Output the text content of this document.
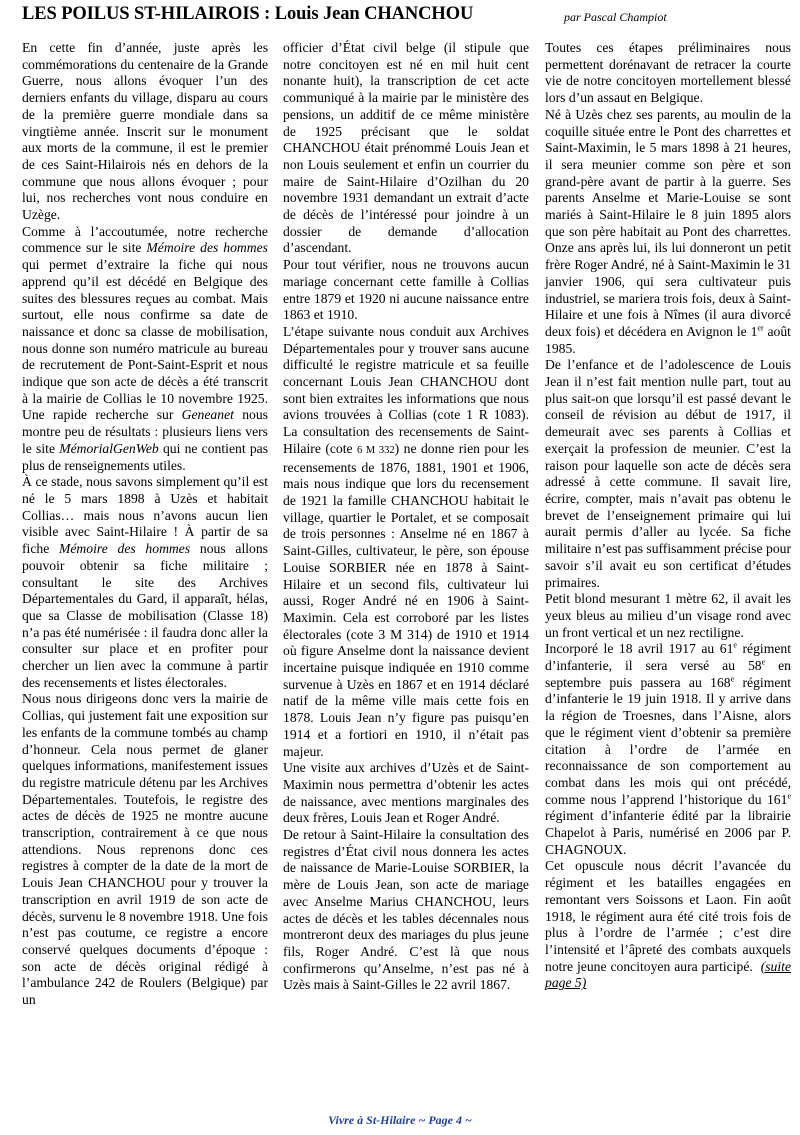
LES POILUS ST-HILAIROIS : Louis Jean CHANCHOU	par Pascal Champiot

En cette fin d’année, juste après les commémorations du centenaire de la Grande Guerre, nous allons évoquer l’un des derniers enfants du village, disparu au cours de la première guerre mondiale dans sa vingtième année. Inscrit sur le monument aux morts de la commune, il est le premier de ces Saint-Hilairois nés en dehors de la commune que nous allons évoquer ; pour lui, nos recherches vont nous conduire en Uzège.

Comme à l’accoutumée, notre recherche commence sur le site Mémoire des hommes qui permet d’extraire la fiche qui nous apprend qu’il est décédé en Belgique des suites des blessures reçues au combat. Mais surtout, elle nous confirme sa date de naissance et donc sa classe de mobilisation, nous donne son numéro matricule au bureau de recrutement de Pont-Saint-Esprit et nous indique que son acte de décès a été transcrit à la mairie de Collias le 10 novembre 1925. Une rapide recherche sur Geneanet nous montre peu de résultats : plusieurs liens vers le site MémorialGenWeb qui ne contient pas plus de renseignements utiles.

À ce stade, nous savons simplement qu’il est né le 5 mars 1898 à Uzès et habitait Collias… mais nous n’avons aucun lien visible avec Saint-Hilaire ! À partir de sa fiche Mémoire des hommes nous allons pouvoir obtenir sa fiche militaire ; consultant le site des Archives Départementales du Gard, il apparaît, hélas, que sa Classe de mobilisation (Classe 18) n’a pas été numérisée : il faudra donc aller la consulter sur place et en profiter pour chercher un lien avec la commune à partir des recensements et listes électorales.

Nous nous dirigeons donc vers la mairie de Collias, qui justement fait une exposition sur les enfants de la commune tombés au champ d’honneur. Cela nous permet de glaner quelques informations, manifestement issues du registre matricule détenu par les Archives Départementales. Toutefois, le registre des actes de décès de 1925 ne montre aucune transcription, contrairement à ce que nous attendions. Nous reprenons donc ces registres à compter de la date de la mort de Louis Jean CHANCHOU pour y trouver la transcription en avril 1919 de son acte de décès, survenu le 8 novembre 1918. Une fois n’est pas coutume, ce registre a encore conservé quelques documents d’époque : son acte de décès original rédigé à l’ambulance 242 de Roulers (Belgique) par un

officier d’État civil belge (il stipule que notre concitoyen est né en mil huit cent nonante huit), la transcription de cet acte communiqué à la mairie par le ministère des pensions, un additif de ce même ministère de 1925 précisant que le soldat CHANCHOU était prénommé Louis Jean et non Louis seulement et enfin un courrier du maire de Saint-Hilaire d’Ozilhan du 20 novembre 1931 demandant un extrait d’acte de décès de l’intéressé pour joindre à un dossier de demande d’allocation d’ascendant.

Pour tout vérifier, nous ne trouvons aucun mariage concernant cette famille à Collias entre 1879 et 1920 ni aucune naissance entre 1863 et 1910.

L’étape suivante nous conduit aux Archives Départementales pour y trouver sans aucune difficulté le registre matricule et sa feuille concernant Louis Jean CHANCHOU dont sont bien extraites les informations que nous avions trouvées à Collias (cote 1 R 1083). La consultation des recensements de Saint-Hilaire (cote 6 M 332) ne donne rien pour les recensements de 1876, 1881, 1901 et 1906, mais nous indique que lors du recensement de 1921 la famille CHANCHOU habitait le village, quartier le Portalet, et se composait de trois personnes : Anselme né en 1867 à Saint-Gilles, cultivateur, le père, son épouse Louise SORBIER née en 1878 à Saint-Hilaire et un second fils, cultivateur lui aussi, Roger André né en 1906 à Saint-Maximin. Cela est corroboré par les listes électorales (cote 3 M 314) de 1910 et 1914 où figure Anselme dont la naissance devient incertaine puisque indiquée en 1910 comme survenue à Uzès en 1867 et en 1914 déclaré natif de la même ville mais cette fois en 1878. Louis Jean n’y figure pas puisqu’en 1914 et a fortiori en 1910, il n’était pas majeur.

Une visite aux archives d’Uzès et de Saint-Maximin nous permettra d’obtenir les actes de naissance, avec mentions marginales des deux frères, Louis Jean et Roger André.

De retour à Saint-Hilaire la consultation des registres d’État civil nous donnera les actes de naissance de Marie-Louise SORBIER, la mère de Louis Jean, son acte de mariage avec Anselme Marius CHANCHOU, leurs actes de décès et les tables décennales nous montreront deux des mariages du plus jeune fils, Roger André. C’est là que nous confirmerons qu’Anselme, n’est pas né à Uzès mais à Saint-Gilles le 22 avril 1867.

Toutes ces étapes préliminaires nous permettent dorénavant de retracer la courte vie de notre concitoyen mortellement blessé lors d’un assaut en Belgique.

Né à Uzès chez ses parents, au moulin de la coquille située entre le Pont des charrettes et Saint-Maximin, le 5 mars 1898 à 21 heures, il sera meunier comme son père et son grand-père avant de partir à la guerre. Ses parents Anselme et Marie-Louise se sont mariés à Saint-Hilaire le 8 juin 1895 alors que son père habitait au Pont des charrettes. Onze ans après lui, ils lui donneront un petit frère Roger André, né à Saint-Maximin le 31 janvier 1906, qui sera cultivateur puis industriel, se mariera trois fois, deux à Saint-Hilaire et une fois à Nîmes (il aura divorcé deux fois) et décédera en Avignon le 1er août 1985.

De l’enfance et de l’adolescence de Louis Jean il n’est fait mention nulle part, tout au plus sait-on que lorsqu’il est passé devant le conseil de révision au début de 1917, il demeurait avec ses parents à Collias et exerçait la profession de meunier. C’est la raison pour laquelle son acte de décès sera adressé à cette commune. Il savait lire, écrire, compter, mais n’avait pas obtenu le brevet de l’enseignement primaire qui lui aurait permis d’aller au lycée. Sa fiche militaire n’est pas suffisamment précise pour savoir s’il avait eu son certificat d’études primaires.

Petit blond mesurant 1 mètre 62, il avait les yeux bleus au milieu d’un visage rond avec un front vertical et un nez rectiligne.

Incorporé le 18 avril 1917 au 61e régiment d’infanterie, il sera versé au 58e en septembre puis passera au 168e régiment d’infanterie le 19 juin 1918. Il y arrive dans la région de Troesnes, dans l’Aisne, alors que le régiment vient d’obtenir sa première citation à l’ordre de l’armée en reconnaissance de son comportement au combat dans les mois qui ont précédé, comme nous l’apprend l’historique du 161e régiment d’infanterie édité par la librairie Chapelot à Paris, numérisé en 2006 par P. CHAGNOUX.

Cet opuscule nous décrit l’avancée du régiment et les batailles engagées en remontant vers Soissons et Laon. Fin août 1918, le régiment aura été cité trois fois de plus à l’ordre de l’armée ; c’est dire l’intensité et l’âpreté des combats auxquels notre jeune concitoyen aura participé. (suite page 5)

Vivre à St-Hilaire ~ Page 4 ~
